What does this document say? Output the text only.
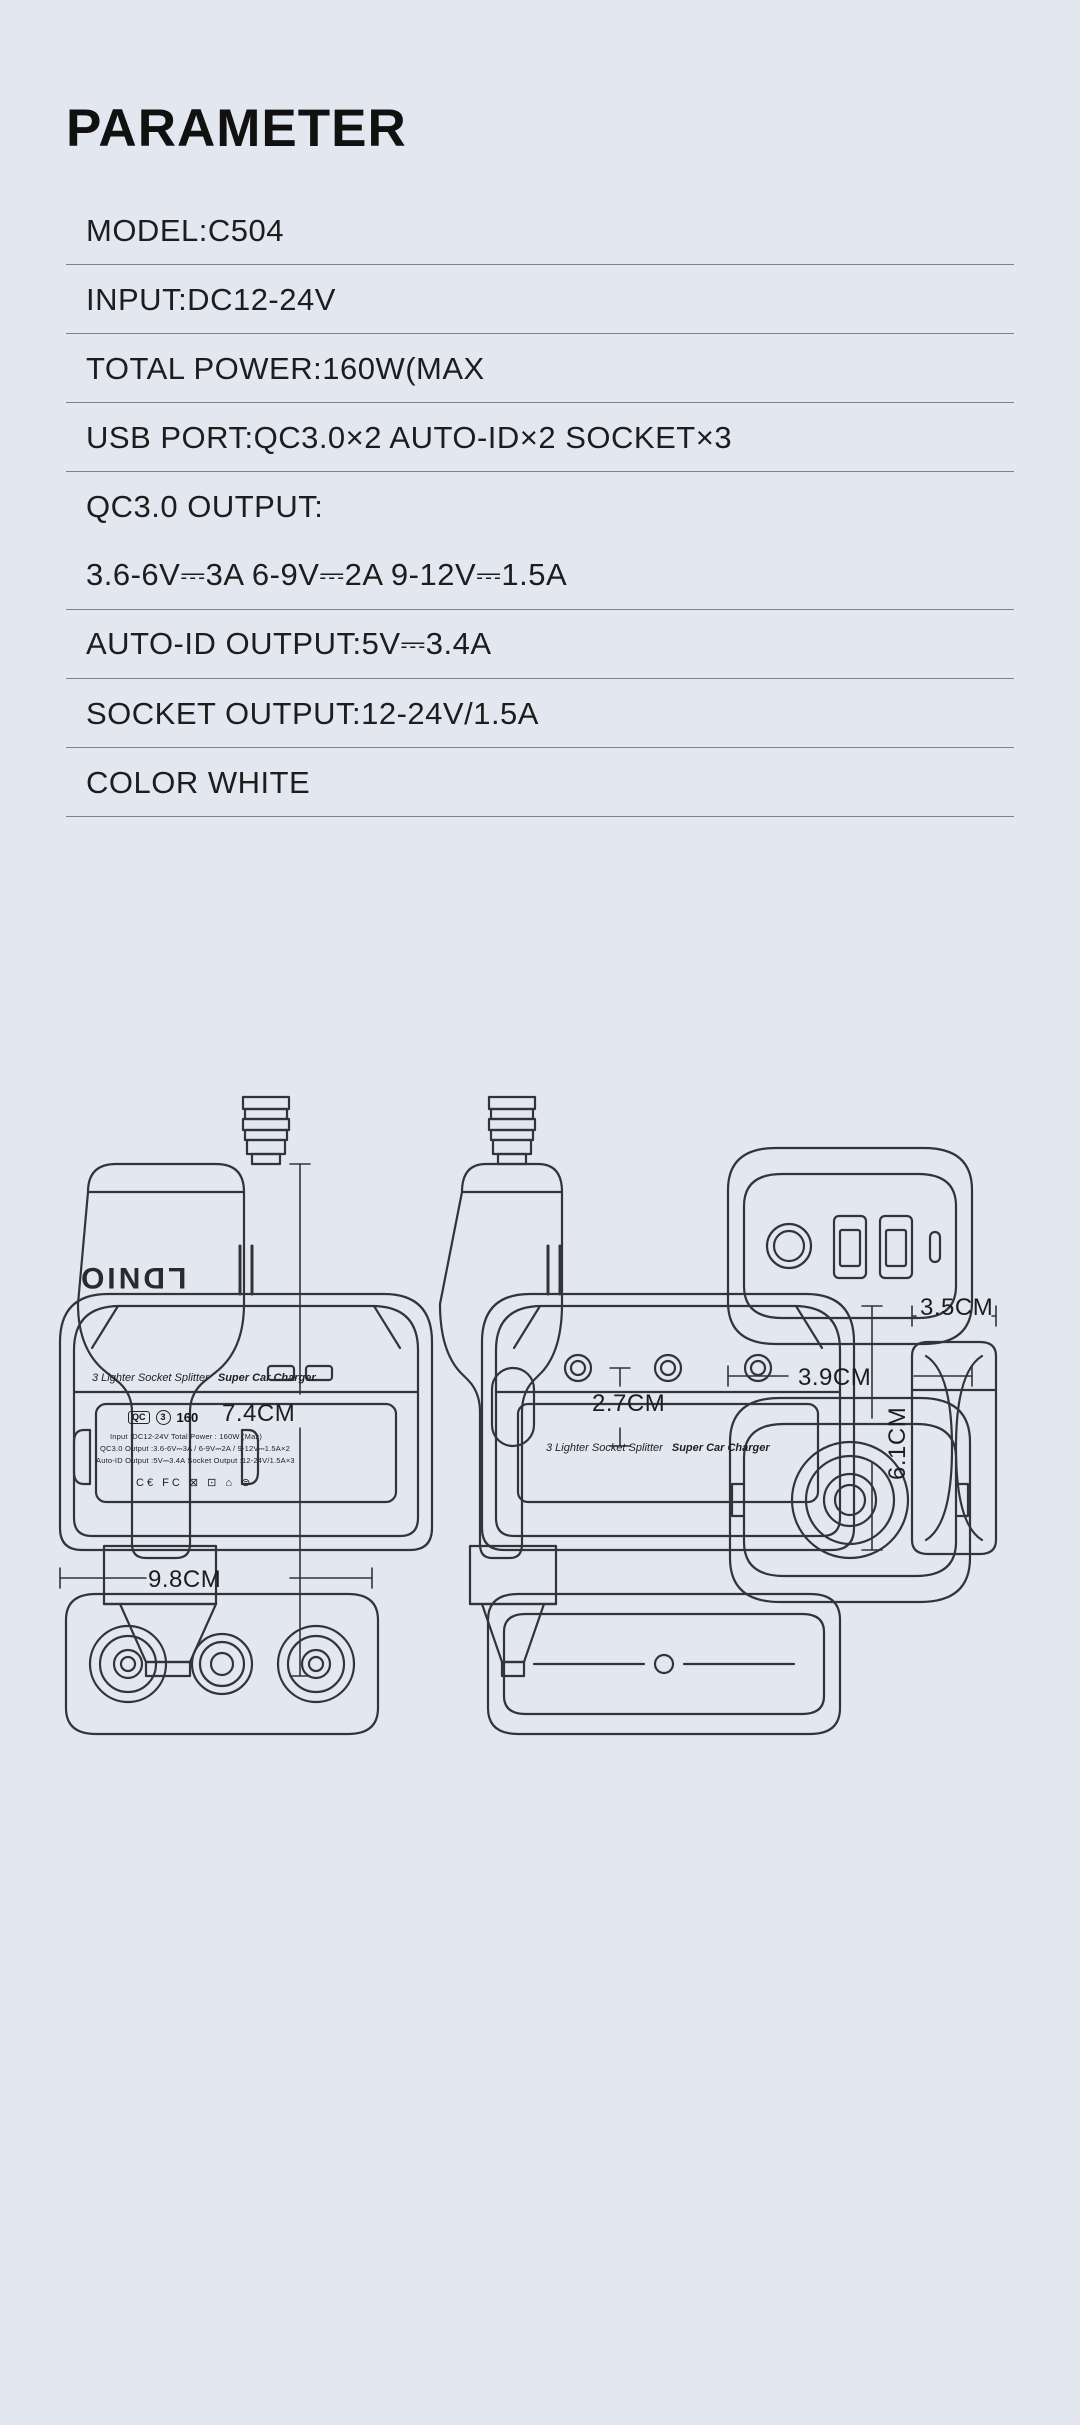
PARAMETER
MODEL:C504
INPUT:DC12-24V
TOTAL POWER:160W(MAX
USB PORT:QC3.0×2 AUTO-ID×2 SOCKET×3
QC3.0 OUTPUT:
3.6-6V⎓3A 6-9V⎓2A 9-12V⎓1.5A
AUTO-ID OUTPUT:5V⎓3.4A
SOCKET OUTPUT:12-24V/1.5A
COLOR WHITE
LDNIO
7.4CM
3.9CM
2.7CM
9.8CM
6.1CM
3.5CM
3 Lighter Socket Splitter Super Car Charger
QC	3 160
Input :DC12-24V Total Power : 160W (Max)
QC3.0 Output :3.6-6V⎓3A / 6-9V⎓2A / 9-12V⎓1.5A×2
Auto-ID Output :5V⎓3.4A Socket Output :12-24V/1.5A×3
C€ FC ⊠ ⊡ ⌂ ⊜
3 Lighter Socket Splitter Super Car Charger
